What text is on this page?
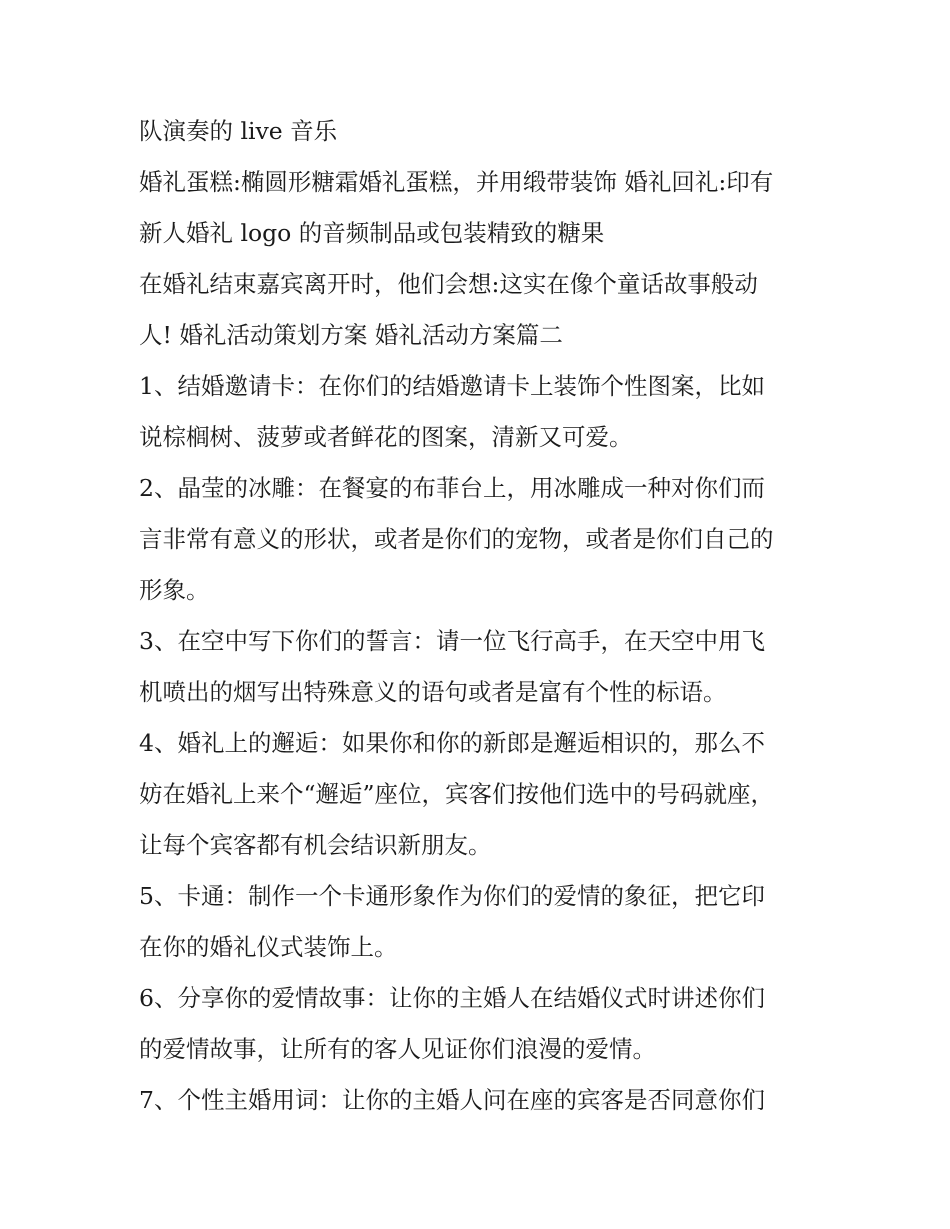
队演奏的 live 音乐
婚礼蛋糕:椭圆形糖霜婚礼蛋糕，并用缎带装饰 婚礼回礼:印有
新人婚礼 logo 的音频制品或包装精致的糖果
在婚礼结束嘉宾离开时，他们会想:这实在像个童话故事般动
人! 婚礼活动策划方案 婚礼活动方案篇二
1、结婚邀请卡：在你们的结婚邀请卡上装饰个性图案，比如
说棕榈树、菠萝或者鲜花的图案，清新又可爱。
2、晶莹的冰雕：在餐宴的布菲台上，用冰雕成一种对你们而
言非常有意义的形状，或者是你们的宠物，或者是你们自己的
形象。
3、在空中写下你们的誓言：请一位飞行高手，在天空中用飞
机喷出的烟写出特殊意义的语句或者是富有个性的标语。
4、婚礼上的邂逅：如果你和你的新郎是邂逅相识的，那么不
妨在婚礼上来个“邂逅”座位，宾客们按他们选中的号码就座，
让每个宾客都有机会结识新朋友。
5、卡通：制作一个卡通形象作为你们的爱情的象征，把它印
在你的婚礼仪式装饰上。
6、分享你的爱情故事：让你的主婚人在结婚仪式时讲述你们
的爱情故事，让所有的客人见证你们浪漫的爱情。
7、个性主婚用词：让你的主婚人问在座的宾客是否同意你们
